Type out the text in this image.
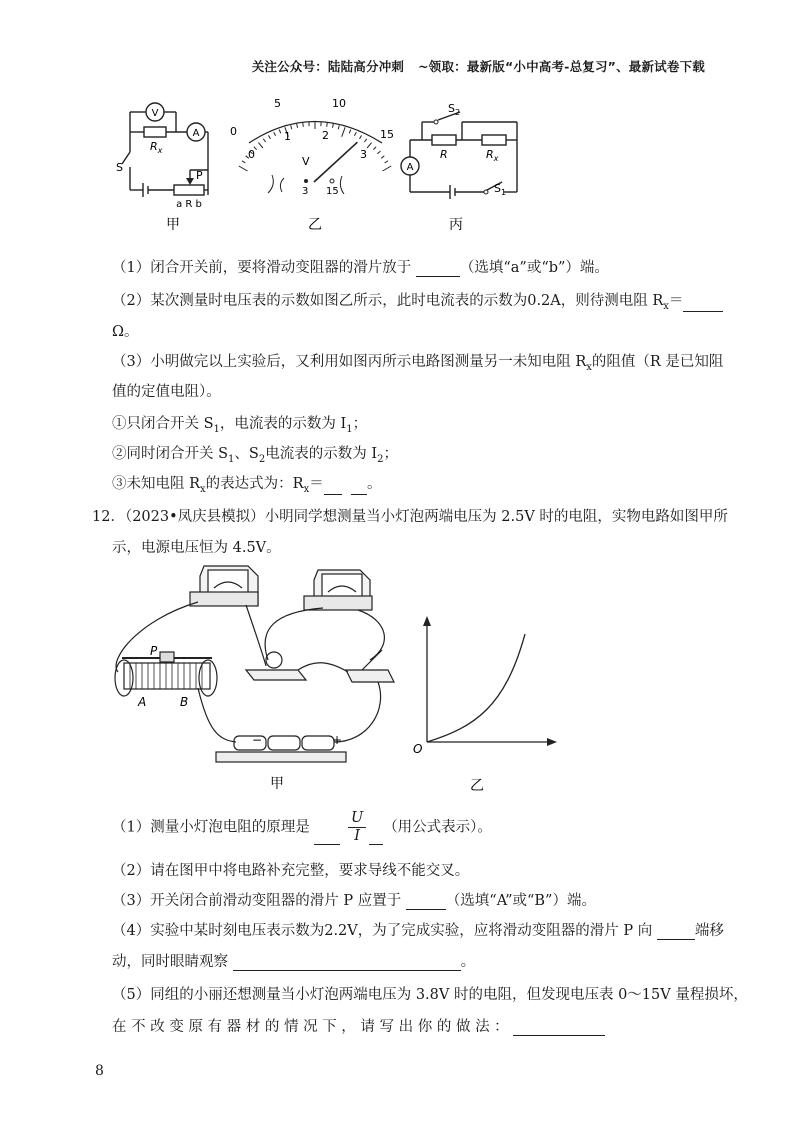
关注公众号：陆陆高分冲刺 ~领取：最新版“小中高考-总复习”、最新试卷下载
V
A
$R_x$
S
P
a R b
甲
0
5	10
15
0
1	2
3
V
3 15
乙
A
R	$R_x$
$S_2$
$S_1$
丙
（1）闭合开关前，要将滑动变阻器的滑片放于	（选填“a”或“b”）端。
（2）某次测量时电压表的示数如图乙所示，此时电流表的示数为0.2A，则待测电阻 $R_x=$
Ω。
（3）小明做完以上实验后，又利用如图丙所示电路图测量另一未知电阻 $R_x$的阻值（R 是已知阻
值的定值电阻）。
①只闭合开关 $S_1$，电流表的示数为 $I_1$；
②同时闭合开关 $S_1$、$S_2$电流表的示数为 $I_2$；
③未知电阻 $R_x$的表达式为：$R_x=$	。
12．（2023•凤庆县模拟）小明同学想测量当小灯泡两端电压为 2.5V 时的电阻，实物电路如图甲所
示，电源电压恒为 4.5V。
P
A	B
−	+
甲
O
乙
（1）测量小灯泡电阻的原理是	$\frac{U}{I}$ （用公式表示）。
（2）请在图甲中将电路补充完整，要求导线不能交叉。
（3）开关闭合前滑动变阻器的滑片 P 应置于	（选填“A”或“B”）端。
（4）实验中某时刻电压表示数为2.2V，为了完成实验，应将滑动变阻器的滑片 P 向	端移
动，同时眼睛观察	。
（5）同组的小丽还想测量当小灯泡两端电压为 3.8V 时的电阻，但发现电压表 0～15V 量程损坏，
在 不 改 变 原 有 器 材 的 情 况 下 ， 请 写 出 你 的 做 法 ：
8
